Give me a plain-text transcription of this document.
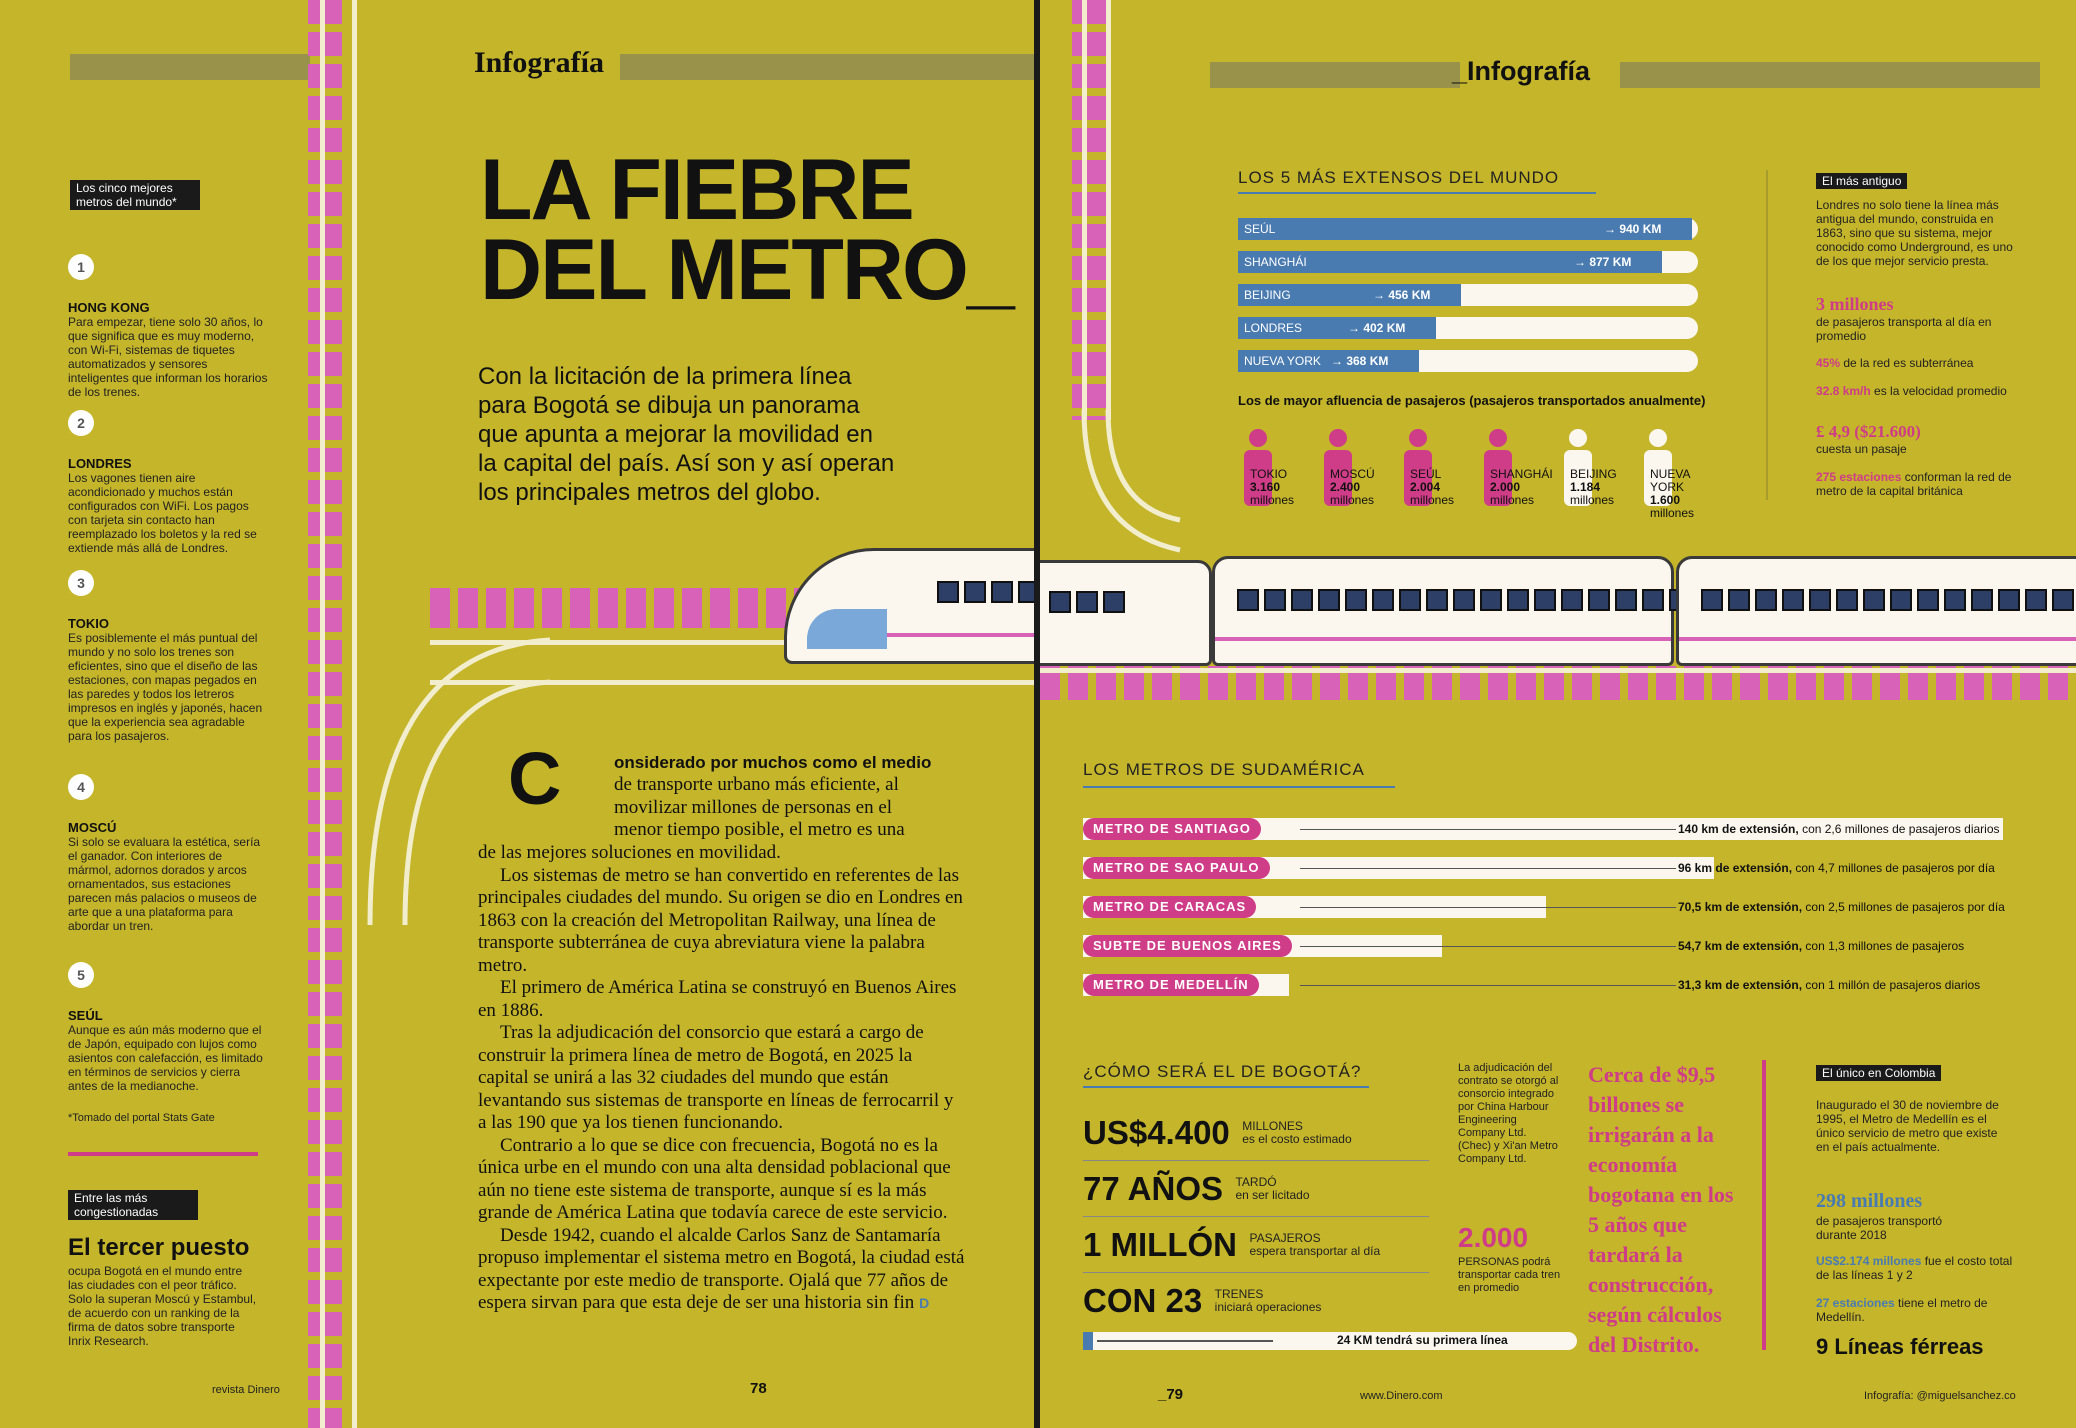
Infografía
LA FIEBRE
DEL METRO_
Con la licitación de la primera línea para Bogotá se dibuja un panorama que apunta a mejorar la movilidad en la capital del país. Así son y así operan los principales metros del globo.
Los cinco mejores metros del mundo*
1
HONG KONG
Para empezar, tiene solo 30 años, lo que significa que es muy moderno, con Wi-Fi, sistemas de tiquetes automatizados y sensores inteligentes que informan los horarios de los trenes.
2
LONDRES
Los vagones tienen aire acondicionado y muchos están configurados con WiFi. Los pagos con tarjeta sin contacto han reemplazado los boletos y la red se extiende más allá de Londres.
3
TOKIO
Es posiblemente el más puntual del mundo y no solo los trenes son eficientes, sino que el diseño de las estaciones, con mapas pegados en las paredes y todos los letreros impresos en inglés y japonés, hacen que la experiencia sea agradable para los pasajeros.
4
MOSCÚ
Si solo se evaluara la estética, sería el ganador. Con interiores de mármol, adornos dorados y arcos ornamentados, sus estaciones parecen más palacios o museos de arte que a una plataforma para abordar un tren.
5
SEÚL
Aunque es aún más moderno que el de Japón, equipado con lujos como asientos con calefacción, es limitado en términos de servicios y cierra antes de la medianoche.
*Tomado del portal Stats Gate
Entre las más congestionadas
El tercer puesto
ocupa Bogotá en el mundo entre las ciudades con el peor tráfico. Solo la superan Moscú y Estambul, de acuerdo con un ranking de la firma de datos sobre transporte Inrix Research.
C	onsiderado por muchos como el medio
de transporte urbano más eficiente, al
movilizar millones de personas en el
menor tiempo posible, el metro es una
de las mejores soluciones en movilidad.
Los sistemas de metro se han convertido en referentes de las principales ciudades del mundo. Su origen se dio en Londres en 1863 con la creación del Metropolitan Railway, una línea de transporte subterránea de cuya abreviatura viene la palabra metro.
El primero de América Latina se construyó en Buenos Aires en 1886.
Tras la adjudicación del consorcio que estará a cargo de construir la primera línea de metro de Bogotá, en 2025 la capital se unirá a las 32 ciudades del mundo que están levantando sus sistemas de transporte en líneas de ferrocarril y a las 190 que ya los tienen funcionando.
Contrario a lo que se dice con frecuencia, Bogotá no es la única urbe en el mundo con una alta densidad poblacional que aún no tiene este sistema de transporte, aunque sí es la más grande de América Latina que todavía carece de este servicio.
Desde 1942, cuando el alcalde Carlos Sanz de Santamaría propuso implementar el sistema metro en Bogotá, la ciudad está expectante por este medio de transporte. Ojalá que 77 años de espera sirvan para que esta deje de ser una historia sin fin D
revista Dinero	78
_Infografía
LOS 5 MÁS EXTENSOS DEL MUNDO
SEÚL	→ 940 KM
SHANGHÁI	→ 877 KM
BEIJING	→ 456 KM
LONDRES	→ 402 KM
NUEVA YORK → 368 KM
Los de mayor afluencia de pasajeros (pasajeros transportados anualmente)
TOKIO
3.160
millones
MOSCÚ
2.400
millones
SEÚL
2.004
millones
SHANGHÁI
2.000
millones
BEIJING
1.184
millones
NUEVA YORK
1.600
millones
El más antiguo
Londres no solo tiene la línea más antigua del mundo, construida en 1863, sino que su sistema, mejor conocido como Underground, es uno de los que mejor servicio presta.
3 millones
de pasajeros transporta al día en promedio
45% de la red es subterránea
32.8 km/h es la velocidad promedio
£ 4,9 ($21.600)
cuesta un pasaje
275 estaciones conforman la red de metro de la capital británica
LOS METROS DE SUDAMÉRICA
METRO DE SANTIAGO	140 km de extensión, con 2,6 millones de pasajeros diarios
METRO DE SAO PAULO	96 km de extensión, con 4,7 millones de pasajeros por día
METRO DE CARACAS	70,5 km de extensión, con 2,5 millones de pasajeros por día
SUBTE DE BUENOS AIRES	54,7 km de extensión, con 1,3 millones de pasajeros
METRO DE MEDELLÍN	31,3 km de extensión, con 1 millón de pasajeros diarios
¿CÓMO SERÁ EL DE BOGOTÁ?
US$4.400 MILLONES
es el costo estimado
77 AÑOS TARDÓ
en ser licitado
1 MILLÓN PASAJEROS
espera transportar al día
CON 23 TRENES
iniciará operaciones
24 KM tendrá su primera línea
La adjudicación del contrato se otorgó al consorcio integrado por China Harbour Engineering Company Ltd. (Chec) y Xi'an Metro Company Ltd.
2.000
PERSONAS podrá transportar cada tren en promedio
Cerca de $9,5 billones se irrigarán a la economía bogotana en los 5 años que tardará la construcción, según cálculos del Distrito.
El único en Colombia
Inaugurado el 30 de noviembre de 1995, el Metro de Medellín es el único servicio de metro que existe en el país actualmente.
298 millones
de pasajeros transportó durante 2018
US$2.174 millones fue el costo total de las líneas 1 y 2
27 estaciones tiene el metro de Medellín.
9 Líneas férreas
_79	www.Dinero.com	Infografía: @miguelsanchez.co
